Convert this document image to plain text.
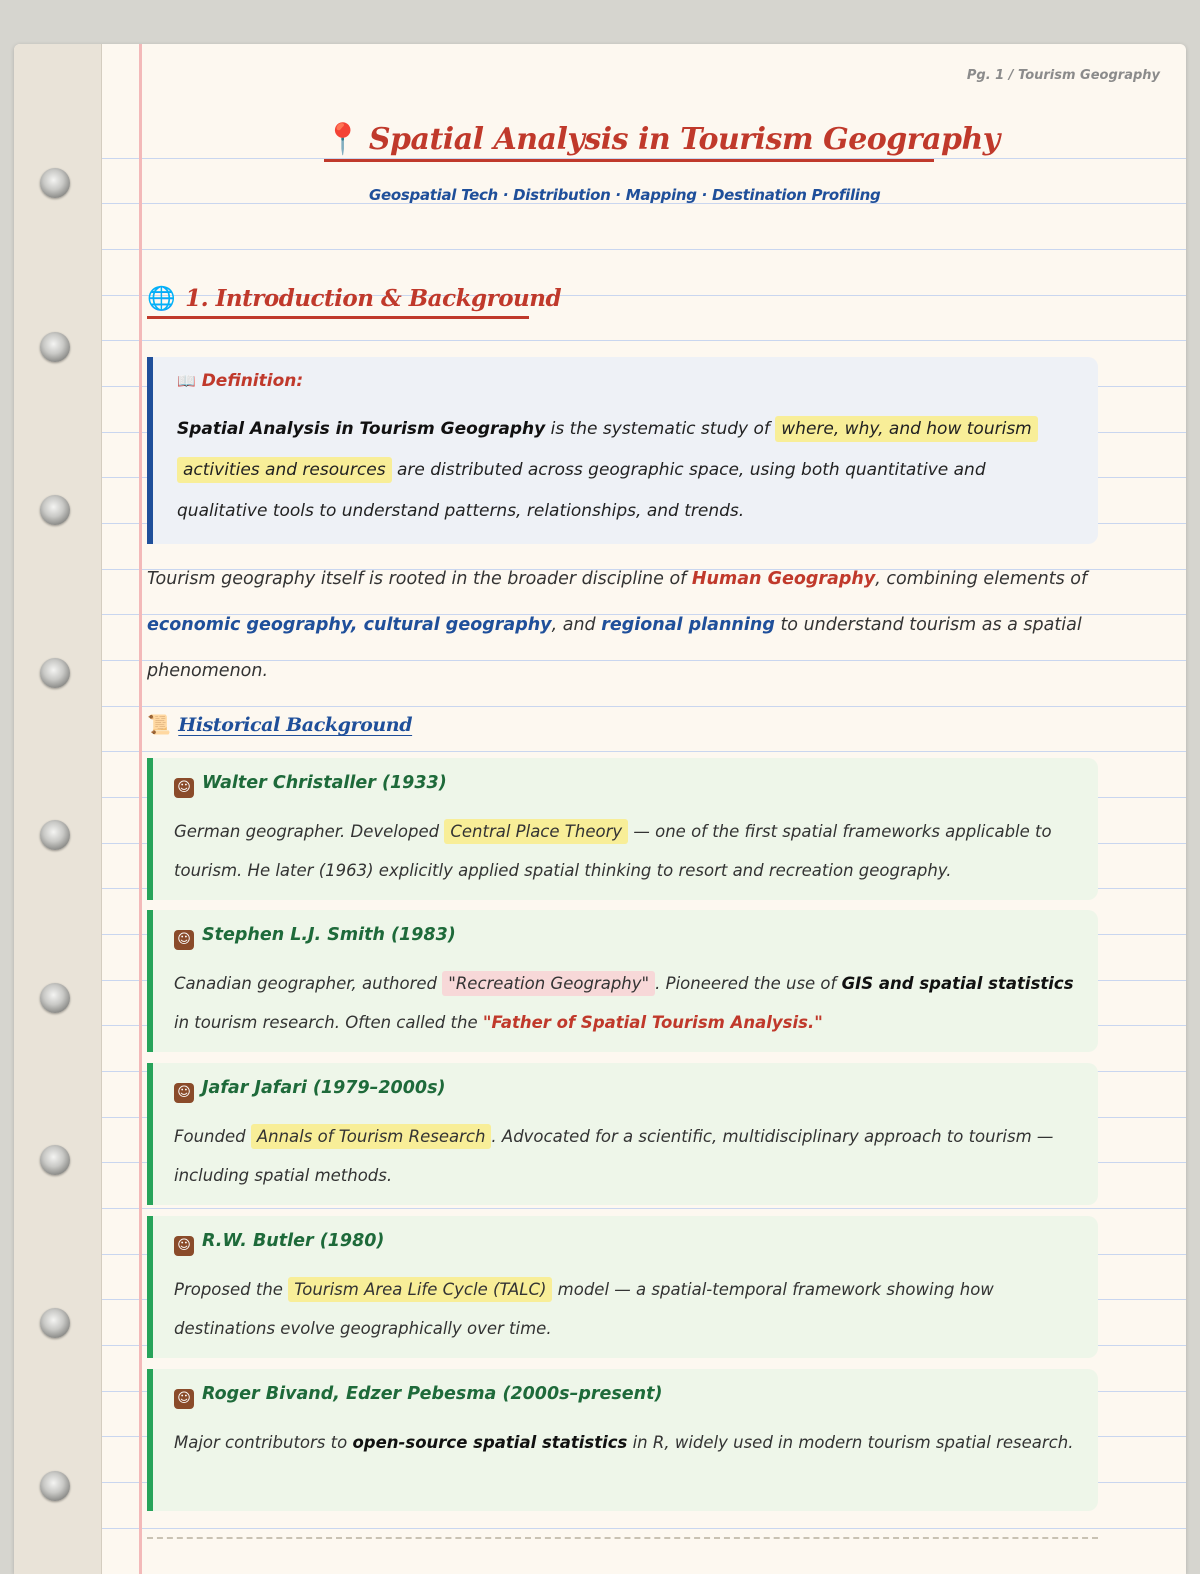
Pg. 1 / Tourism Geography
📍 Spatial Analysis in Tourism Geography
Geospatial Tech · Distribution · Mapping · Destination Profiling
🌐 1. Introduction & Background
📖 Definition:
Spatial Analysis in Tourism Geography is the systematic study of where, why, and how tourism
activities and resources are distributed across geographic space, using both quantitative and qualitative tools to understand patterns, relationships, and trends.
Tourism geography itself is rooted in the broader discipline of Human Geography, combining elements of economic geography, cultural geography, and regional planning to understand tourism as a spatial phenomenon.
📜 Historical Background
☺ Walter Christaller (1933)
German geographer. Developed Central Place Theory — one of the first spatial frameworks applicable to tourism. He later (1963) explicitly applied spatial thinking to resort and recreation geography.
☺ Stephen L.J. Smith (1983)
Canadian geographer, authored "Recreation Geography" . Pioneered the use of GIS and spatial statistics in tourism research. Often called the "Father of Spatial Tourism Analysis."
☺ Jafar Jafari (1979–2000s)
Founded Annals of Tourism Research . Advocated for a scientific, multidisciplinary approach to tourism — including spatial methods.
☺ R.W. Butler (1980)
Proposed the Tourism Area Life Cycle (TALC) model — a spatial-temporal framework showing how destinations evolve geographically over time.
☺ Roger Bivand, Edzer Pebesma (2000s–present)
Major contributors to open-source spatial statistics in R, widely used in modern tourism spatial research.
